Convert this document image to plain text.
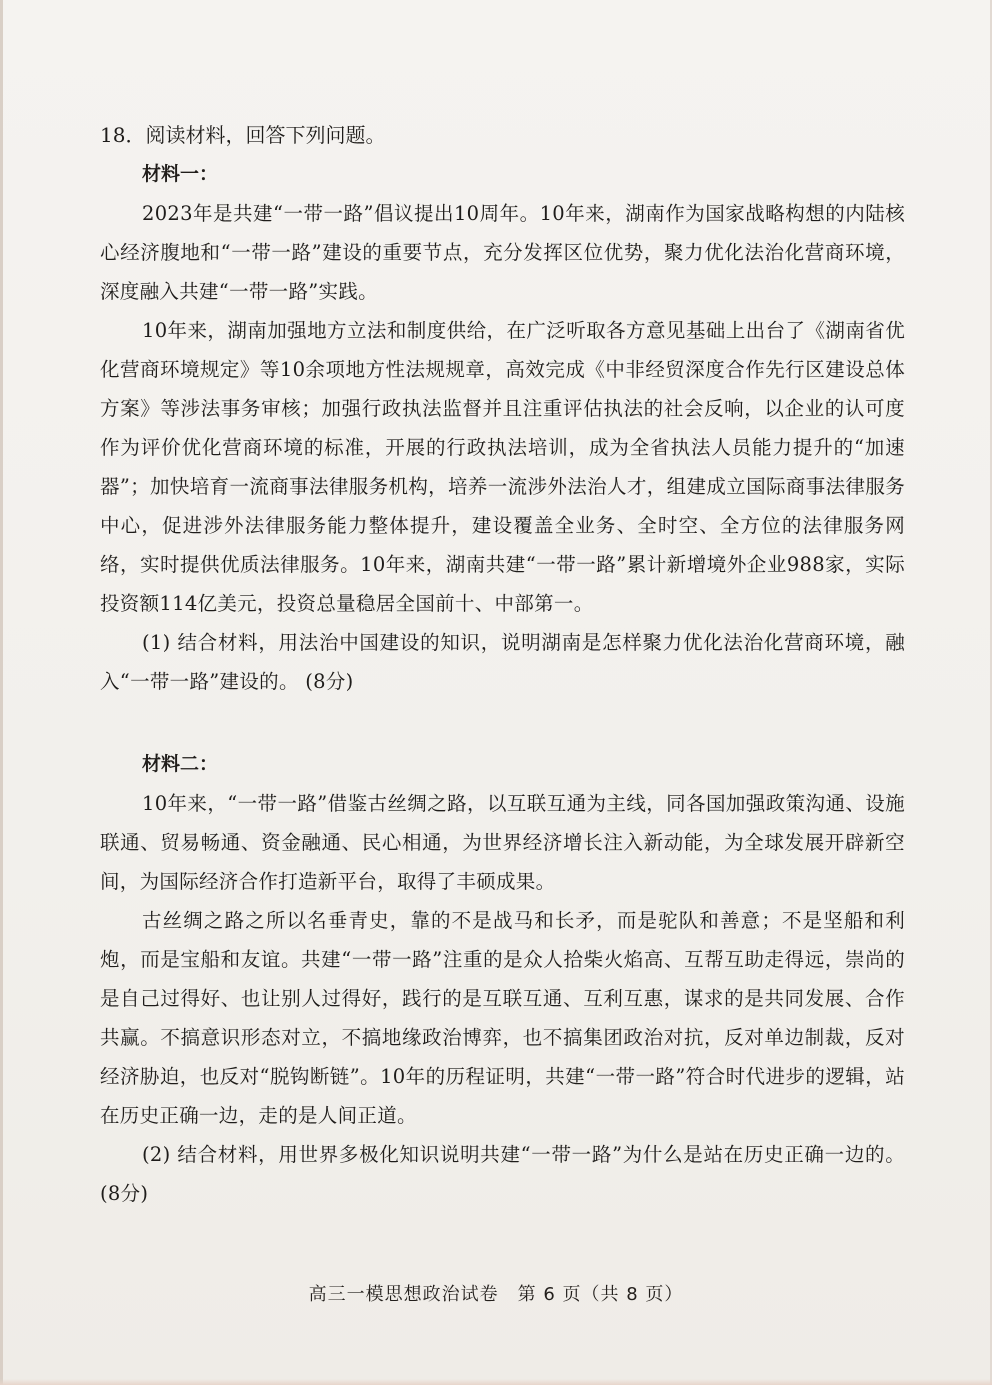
18．阅读材料，回答下列问题。

材料一：

2023年是共建“一带一路”倡议提出10周年。10年来，湖南作为国家战略构想的内陆核心经济腹地和“一带一路”建设的重要节点，充分发挥区位优势，聚力优化法治化营商环境，深度融入共建“一带一路”实践。

10年来，湖南加强地方立法和制度供给，在广泛听取各方意见基础上出台了《湖南省优化营商环境规定》等10余项地方性法规规章，高效完成《中非经贸深度合作先行区建设总体方案》等涉法事务审核；加强行政执法监督并且注重评估执法的社会反响，以企业的认可度作为评价优化营商环境的标准，开展的行政执法培训，成为全省执法人员能力提升的“加速器”；加快培育一流商事法律服务机构，培养一流涉外法治人才，组建成立国际商事法律服务中心，促进涉外法律服务能力整体提升，建设覆盖全业务、全时空、全方位的法律服务网络，实时提供优质法律服务。10年来，湖南共建“一带一路”累计新增境外企业988家，实际投资额114亿美元，投资总量稳居全国前十、中部第一。

(1) 结合材料，用法治中国建设的知识，说明湖南是怎样聚力优化法治化营商环境，融入“一带一路”建设的。 (8分)

材料二：

10年来，“一带一路”借鉴古丝绸之路，以互联互通为主线，同各国加强政策沟通、设施联通、贸易畅通、资金融通、民心相通，为世界经济增长注入新动能，为全球发展开辟新空间，为国际经济合作打造新平台，取得了丰硕成果。

古丝绸之路之所以名垂青史，靠的不是战马和长矛，而是驼队和善意；不是坚船和利炮，而是宝船和友谊。共建“一带一路”注重的是众人拾柴火焰高、互帮互助走得远，崇尚的是自己过得好、也让别人过得好，践行的是互联互通、互利互惠，谋求的是共同发展、合作共赢。不搞意识形态对立，不搞地缘政治博弈，也不搞集团政治对抗，反对单边制裁，反对经济胁迫，也反对“脱钩断链”。10年的历程证明，共建“一带一路”符合时代进步的逻辑，站在历史正确一边，走的是人间正道。

(2) 结合材料，用世界多极化知识说明共建“一带一路”为什么是站在历史正确一边的。(8分)

高三一模思想政治试卷　第 6 页（共 8 页）
